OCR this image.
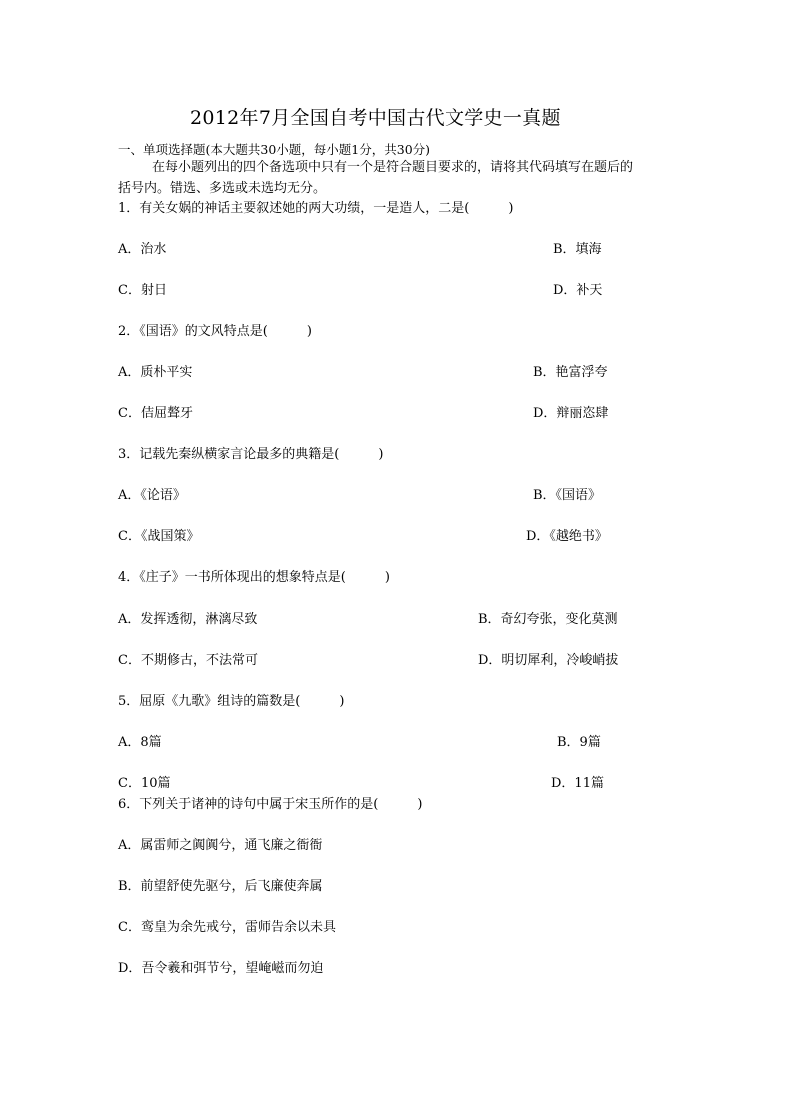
2012年7月全国自考中国古代文学史一真题
一、单项选择题(本大题共30小题，每小题1分，共30分)
在每小题列出的四个备选项中只有一个是符合题目要求的，请将其代码填写在题后的
括号内。错选、多选或未选均无分。
1．有关女娲的神话主要叙述她的两大功绩，一是造人，二是(　　　)
A．治水	B．填海
C．射日	D．补天
2．《国语》的文风特点是(　　　)
A．质朴平实	B．艳富浮夸
C．佶屈聱牙	D．辩丽恣肆
3．记载先秦纵横家言论最多的典籍是(　　　)
A．《论语》	B．《国语》
C．《战国策》	D．《越绝书》
4．《庄子》一书所体现出的想象特点是(　　　)
A．发挥透彻，淋漓尽致	B．奇幻夸张，变化莫测
C．不期修古，不法常可	D．明切犀利，冷峻峭拔
5．屈原《九歌》组诗的篇数是(　　　)
A．8篇	B．9篇
C．10篇	D．11篇
6．下列关于诸神的诗句中属于宋玉所作的是(　　　)
A．属雷师之阗阗兮，通飞廉之衙衙
B．前望舒使先驱兮，后飞廉使奔属
C．鸾皇为余先戒兮，雷师告余以未具
D．吾令羲和弭节兮，望崦嵫而勿迫
